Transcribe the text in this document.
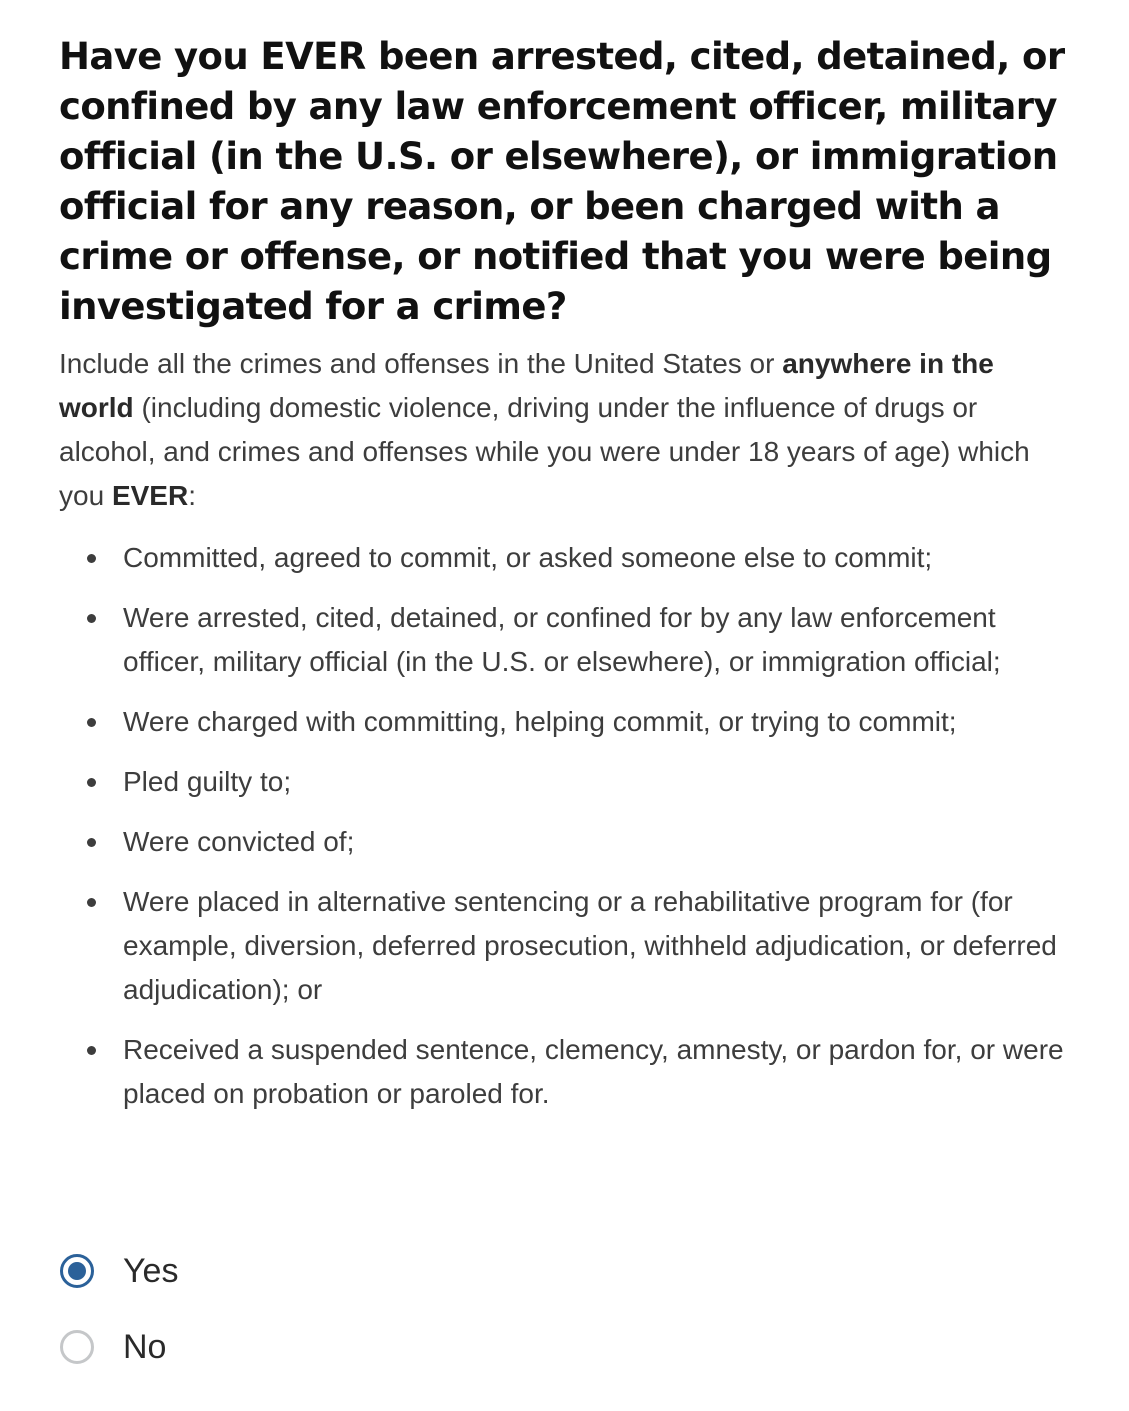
Have you EVER been arrested, cited, detained, or confined by any law enforcement officer, military official (in the U.S. or elsewhere), or immigration official for any reason, or been charged with a crime or offense, or notified that you were being investigated for a crime?

Include all the crimes and offenses in the United States or anywhere in the world (including domestic violence, driving under the influence of drugs or alcohol, and crimes and offenses while you were under 18 years of age) which you EVER:

Committed, agreed to commit, or asked someone else to commit;
Were arrested, cited, detained, or confined for by any law enforcement officer, military official (in the U.S. or elsewhere), or immigration official;
Were charged with committing, helping commit, or trying to commit;
Pled guilty to;
Were convicted of;
Were placed in alternative sentencing or a rehabilitative program for (for example, diversion, deferred prosecution, withheld adjudication, or deferred adjudication); or
Received a suspended sentence, clemency, amnesty, or pardon for, or were placed on probation or paroled for.
Yes
No
